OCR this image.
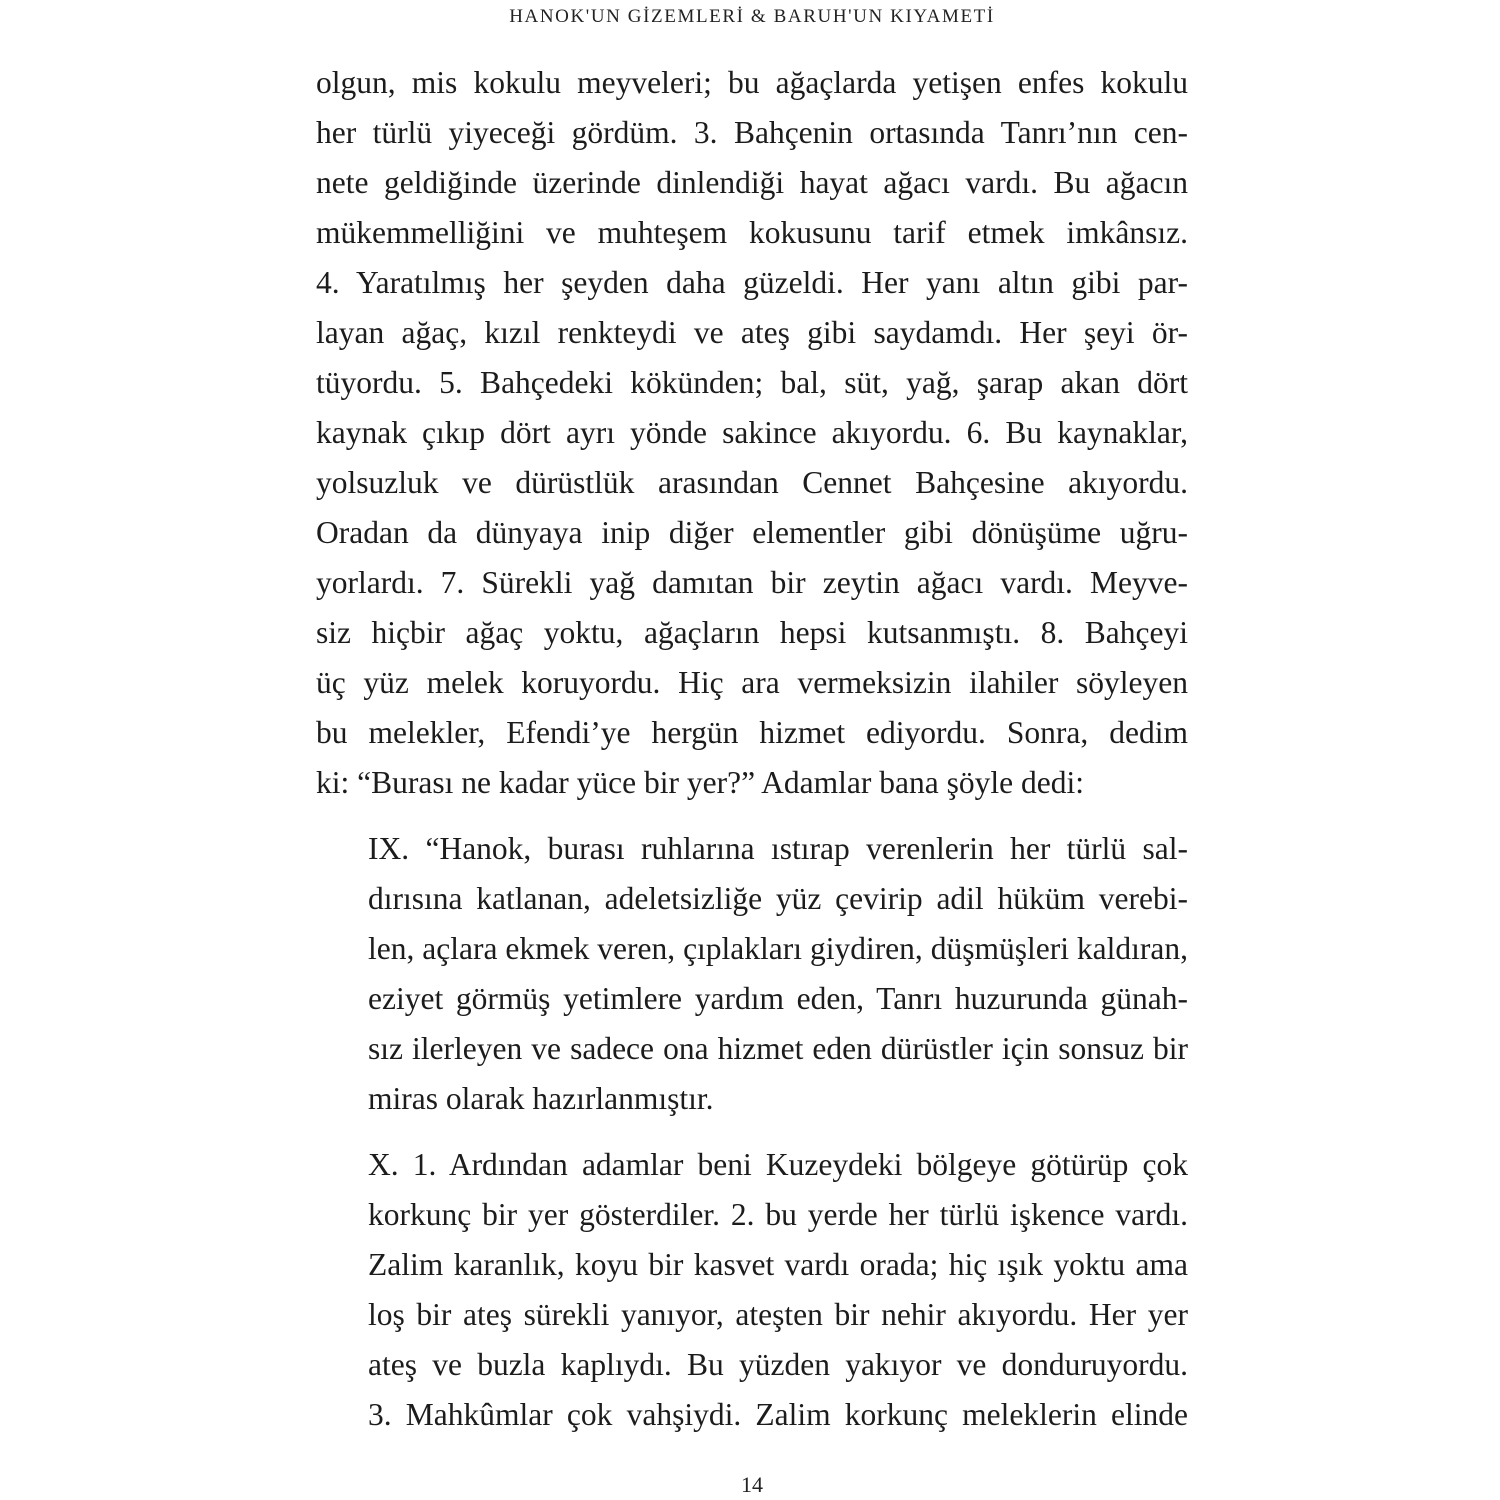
HANOK'UN GİZEMLERİ & BARUH'UN KIYAMETİ

olgun, mis kokulu meyveleri; bu ağaçlarda yetişen enfes kokulu
her türlü yiyeceği gördüm. 3. Bahçenin ortasında Tanrı’nın cen-
nete geldiğinde üzerinde dinlendiği hayat ağacı vardı. Bu ağacın
mükemmelliğini ve muhteşem kokusunu tarif etmek imkânsız.
4. Yaratılmış her şeyden daha güzeldi. Her yanı altın gibi par-
layan ağaç, kızıl renkteydi ve ateş gibi saydamdı. Her şeyi ör-
tüyordu. 5. Bahçedeki kökünden; bal, süt, yağ, şarap akan dört
kaynak çıkıp dört ayrı yönde sakince akıyordu. 6. Bu kaynaklar,
yolsuzluk ve dürüstlük arasından Cennet Bahçesine akıyordu.
Oradan da dünyaya inip diğer elementler gibi dönüşüme uğru-
yorlardı. 7. Sürekli yağ damıtan bir zeytin ağacı vardı. Meyve-
siz hiçbir ağaç yoktu, ağaçların hepsi kutsanmıştı. 8. Bahçeyi
üç yüz melek koruyordu. Hiç ara vermeksizin ilahiler söyleyen
bu melekler, Efendi’ye hergün hizmet ediyordu. Sonra, dedim
ki: “Burası ne kadar yüce bir yer?” Adamlar bana şöyle dedi:

IX. “Hanok, burası ruhlarına ıstırap verenlerin her türlü sal-
dırısına katlanan, adeletsizliğe yüz çevirip adil hüküm verebi-
len, açlara ekmek veren, çıplakları giydiren, düşmüşleri kaldıran,
eziyet görmüş yetimlere yardım eden, Tanrı huzurunda günah-
sız ilerleyen ve sadece ona hizmet eden dürüstler için sonsuz bir
miras olarak hazırlanmıştır.

X. 1. Ardından adamlar beni Kuzeydeki bölgeye götürüp çok
korkunç bir yer gösterdiler. 2. bu yerde her türlü işkence vardı.
Zalim karanlık, koyu bir kasvet vardı orada; hiç ışık yoktu ama
loş bir ateş sürekli yanıyor, ateşten bir nehir akıyordu. Her yer
ateş ve buzla kaplıydı. Bu yüzden yakıyor ve donduruyordu.
3. Mahkûmlar çok vahşiydi. Zalim korkunç meleklerin elinde

14
